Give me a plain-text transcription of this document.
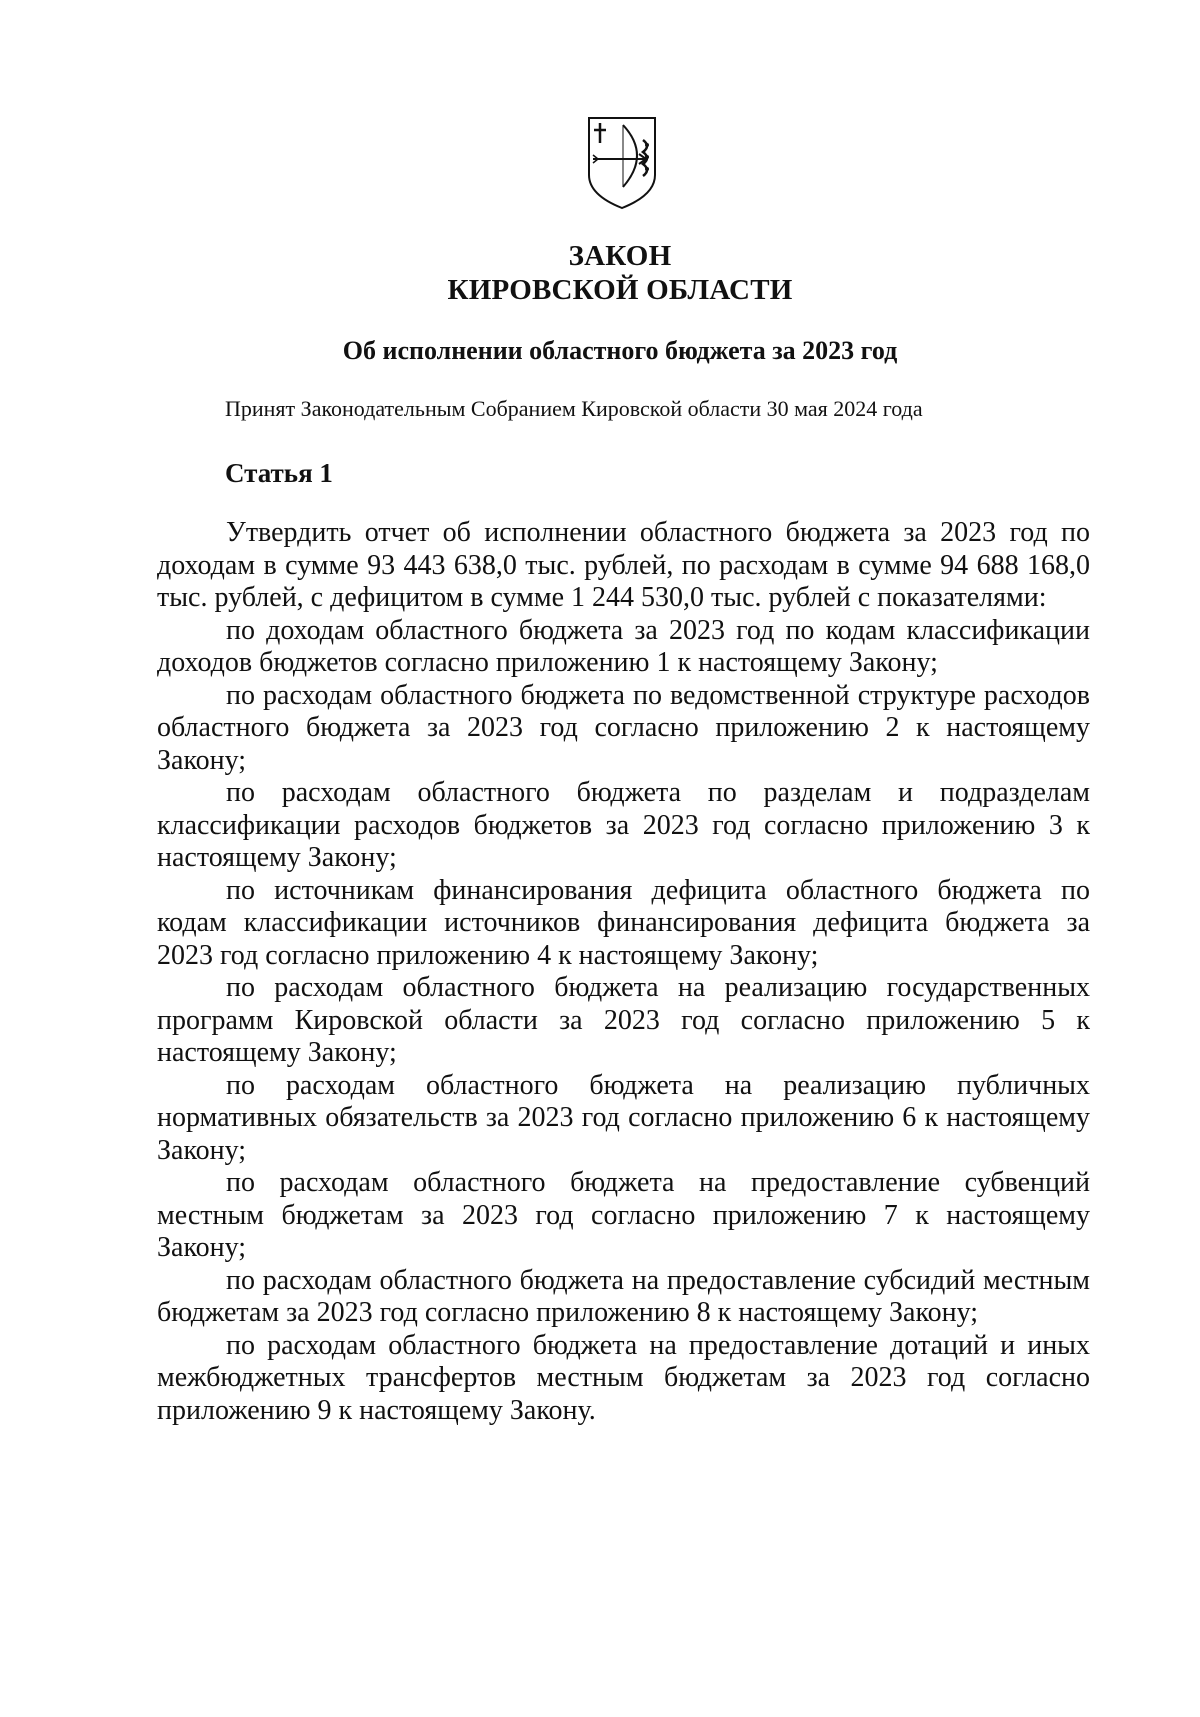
ЗАКОН
КИРОВСКОЙ ОБЛАСТИ
Об исполнении областного бюджета за 2023 год
Принят Законодательным Собранием Кировской области 30 мая 2024 года
Статья 1

Утвердить отчет об исполнении областного бюджета за 2023 год по доходам в сумме 93 443 638,0 тыс. рублей, по расходам в сумме 94 688 168,0 тыс. рублей, с дефицитом в сумме 1 244 530,0 тыс. рублей с показателями:

по доходам областного бюджета за 2023 год по кодам классификации доходов бюджетов согласно приложению 1 к настоящему Закону;

по расходам областного бюджета по ведомственной структуре расходов областного бюджета за 2023 год согласно приложению 2 к настоящему Закону;

по расходам областного бюджета по разделам и подразделам классификации расходов бюджетов за 2023 год согласно приложению 3 к настоящему Закону;

по источникам финансирования дефицита областного бюджета по кодам классификации источников финансирования дефицита бюджета за 2023 год согласно приложению 4 к настоящему Закону;

по расходам областного бюджета на реализацию государственных программ Кировской области за 2023 год согласно приложению 5 к настоящему Закону;

по расходам областного бюджета на реализацию публичных нормативных обязательств за 2023 год согласно приложению 6 к настоящему Закону;

по расходам областного бюджета на предоставление субвенций местным бюджетам за 2023 год согласно приложению 7 к настоящему Закону;

по расходам областного бюджета на предоставление субсидий местным бюджетам за 2023 год согласно приложению 8 к настоящему Закону;

по расходам областного бюджета на предоставление дотаций и иных межбюджетных трансфертов местным бюджетам за 2023 год согласно приложению 9 к настоящему Закону.
